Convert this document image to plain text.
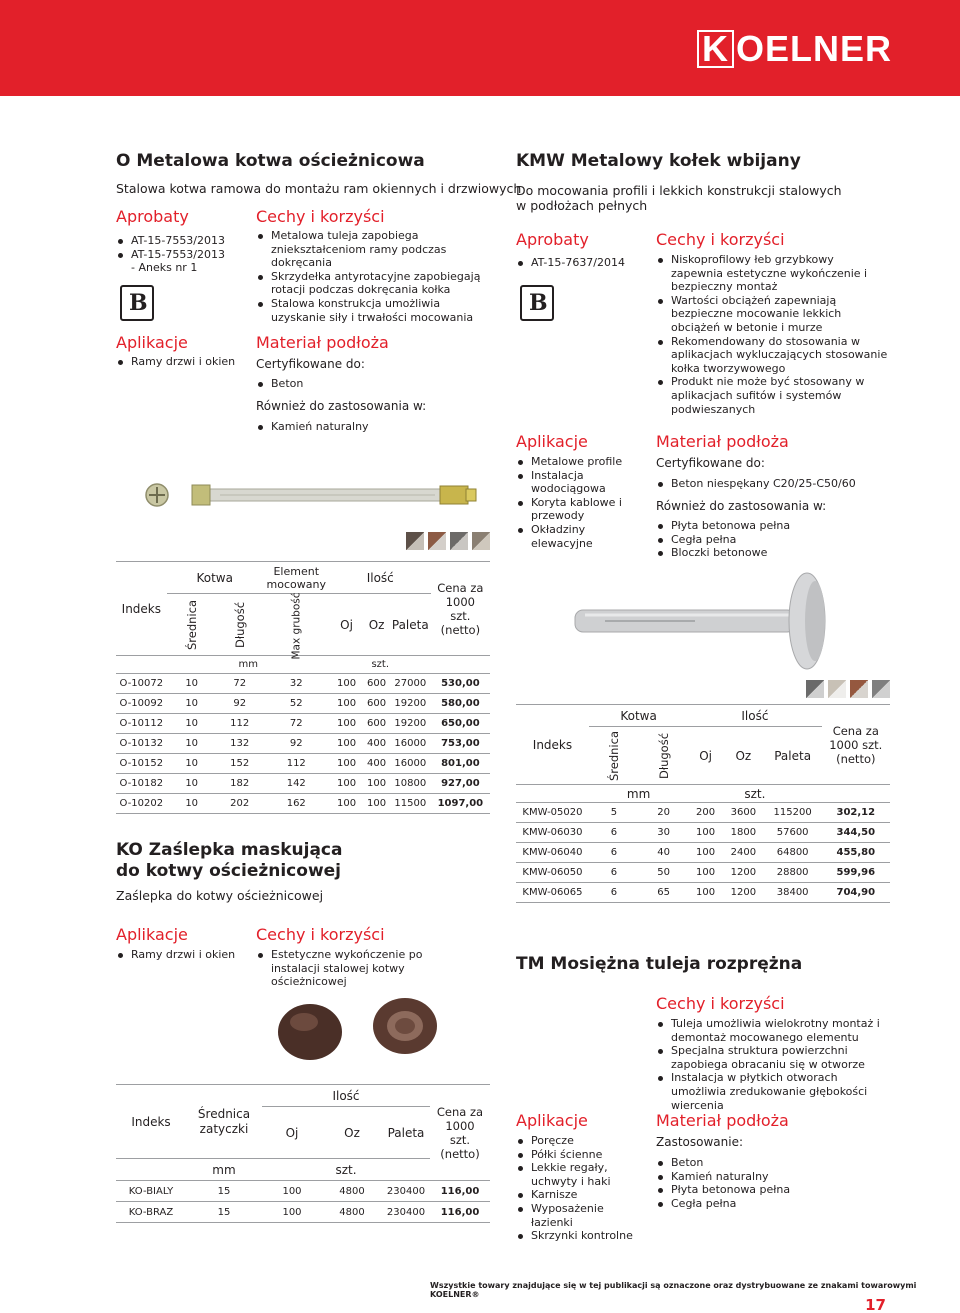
K OELNER
O Metalowa kotwa ościeżnicowa
Stalowa kotwa ramowa do montażu ram okiennych i drzwiowych
Aprobaty
AT-15-7553/2013
AT-15-7553/2013
- Aneks nr 1
B
Cechy i korzyści
Metalowa tuleja zapobiega zniekształceniom ramy podczas dokręcania
Skrzydełka antyrotacyjne zapobiegają rotacji podczas dokręcania kołka
Stalowa konstrukcja umożliwia uzyskanie siły i trwałości mocowania
Aplikacje
Ramy drzwi i okien
Materiał podłoża
Certyfikowane do:
Beton
Również do zastosowania w:
Kamień naturalny
Indeks	Kotwa		Element mocowany	Ilość			Cena za 1000 szt. (netto)
	Średnica	Długość	Max grubość	Oj	Oz	Paleta	
	mm			szt.			

O-10072	10	72	32	100	600	27000	530,00
O-10092	10	92	52	100	600	19200	580,00
O-10112	10	112	72	100	600	19200	650,00
O-10132	10	132	92	100	400	16000	753,00
O-10152	10	152	112	100	400	16000	801,00
O-10182	10	182	142	100	100	10800	927,00
O-10202	10	202	162	100	100	11500	1097,00
KO Zaślepka maskująca
do kotwy ościeżnicowej
Zaślepka do kotwy ościeżnicowej
Aplikacje
Ramy drzwi i okien
Cechy i korzyści
Estetyczne wykończenie po instalacji stalowej kotwy ościeżnicowej
Indeks	Średnica zatyczki	Ilość			Cena za 1000 szt. (netto)
		Oj	Oz	Paleta	
	mm	szt.			
KO-BIALY	15	100	4800	230400	116,00
KO-BRAZ	15	100	4800	230400	116,00
KMW Metalowy kołek wbijany
Do mocowania profili i lekkich konstrukcji stalowych
w podłożach pełnych
Aprobaty
AT-15-7637/2014
B
Cechy i korzyści
Niskoprofilowy łeb grzybkowy zapewnia estetyczne wykończenie i bezpieczny montaż
Wartości obciążeń zapewniają bezpieczne mocowanie lekkich obciążeń w betonie i murze
Rekomendowany do stosowania w aplikacjach wykluczających stosowanie kołka tworzywowego
Produkt nie może być stosowany w aplikacjach sufitów i systemów podwieszanych
Aplikacje
Metalowe profile
Instalacja wodociągowa
Koryta kablowe i przewody
Okładziny elewacyjne
Materiał podłoża
Certyfikowane do:
Beton niespękany C20/25-C50/60
Również do zastosowania w:
Płyta betonowa pełna
Cegła pełna
Bloczki betonowe
Indeks	Kotwa		Ilość			Cena za 1000 szt. (netto)
	Średnica	Długość	Oj	Oz	Paleta	
	mm		szt.			
KMW-05020	5	20	200	3600	115200	302,12
KMW-06030	6	30	100	1800	57600	344,50
KMW-06040	6	40	100	2400	64800	455,80
KMW-06050	6	50	100	1200	28800	599,96
KMW-06065	6	65	100	1200	38400	704,90
TM Mosiężna tuleja rozprężna
Cechy i korzyści
Tuleja umożliwia wielokrotny montaż i demontaż mocowanego elementu
Specjalna struktura powierzchni zapobiega obracaniu się w otworze
Instalacja w płytkich otworach umożliwia zredukowanie głębokości wiercenia
Aplikacje
Poręcze
Półki ścienne
Lekkie regały, uchwyty i haki
Karnisze
Wyposażenie łazienki
Skrzynki kontrolne
Materiał podłoża
Zastosowanie:
Beton
Kamień naturalny
Płyta betonowa pełna
Cegła pełna
Wszystkie towary znajdujące się w tej publikacji są oznaczone oraz dystrybuowane ze znakami towarowymi KOELNER®
17
